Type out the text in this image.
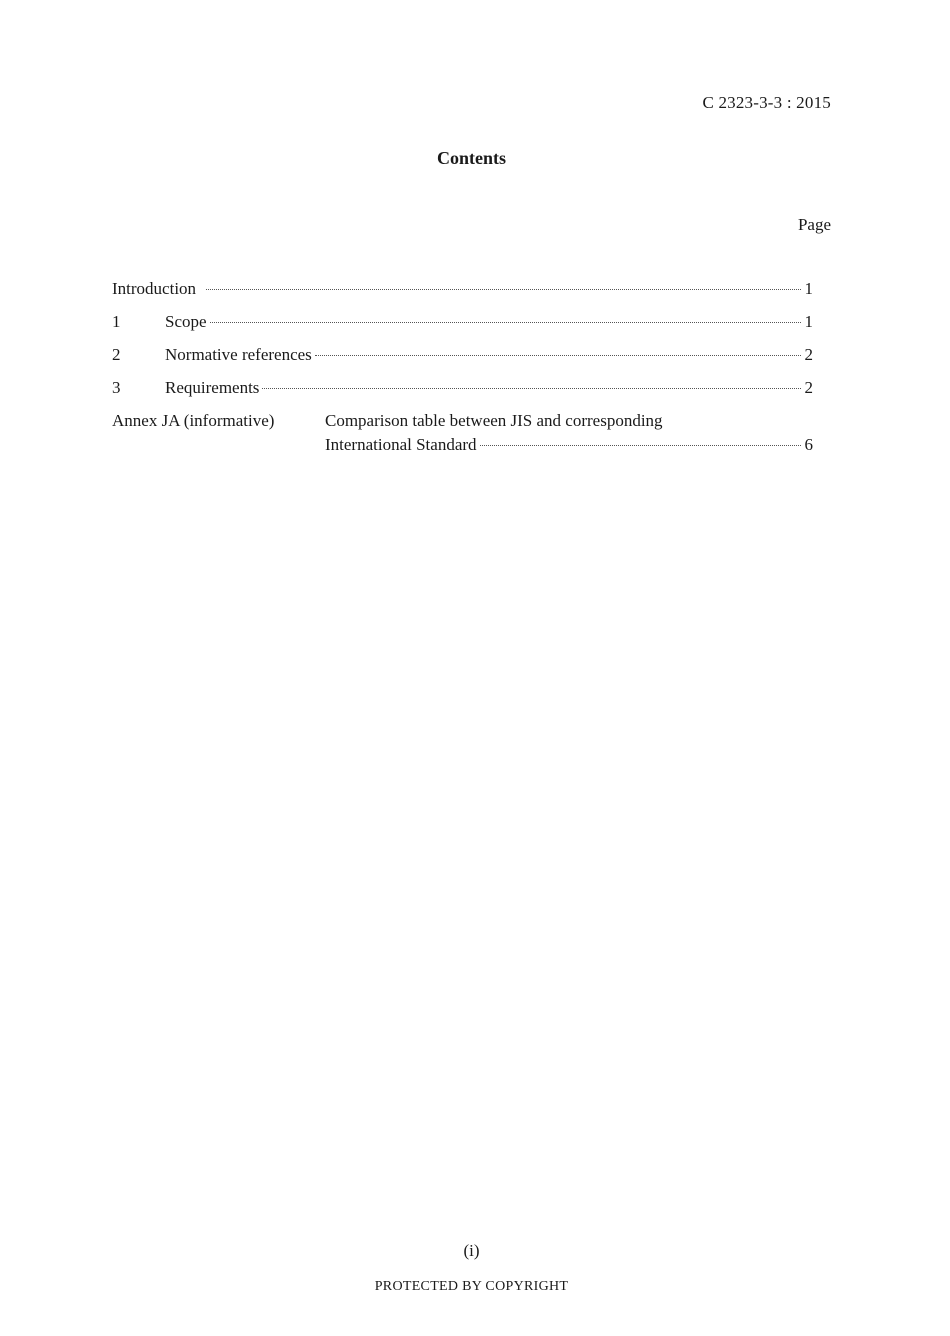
C 2323-3-3 : 2015
Contents
Page
Introduction	1
1	Scope	1
2	Normative references	2
3	Requirements	2
Annex JA (informative)	Comparison table between JIS and corresponding
International Standard	6
(i)
PROTECTED BY COPYRIGHT
